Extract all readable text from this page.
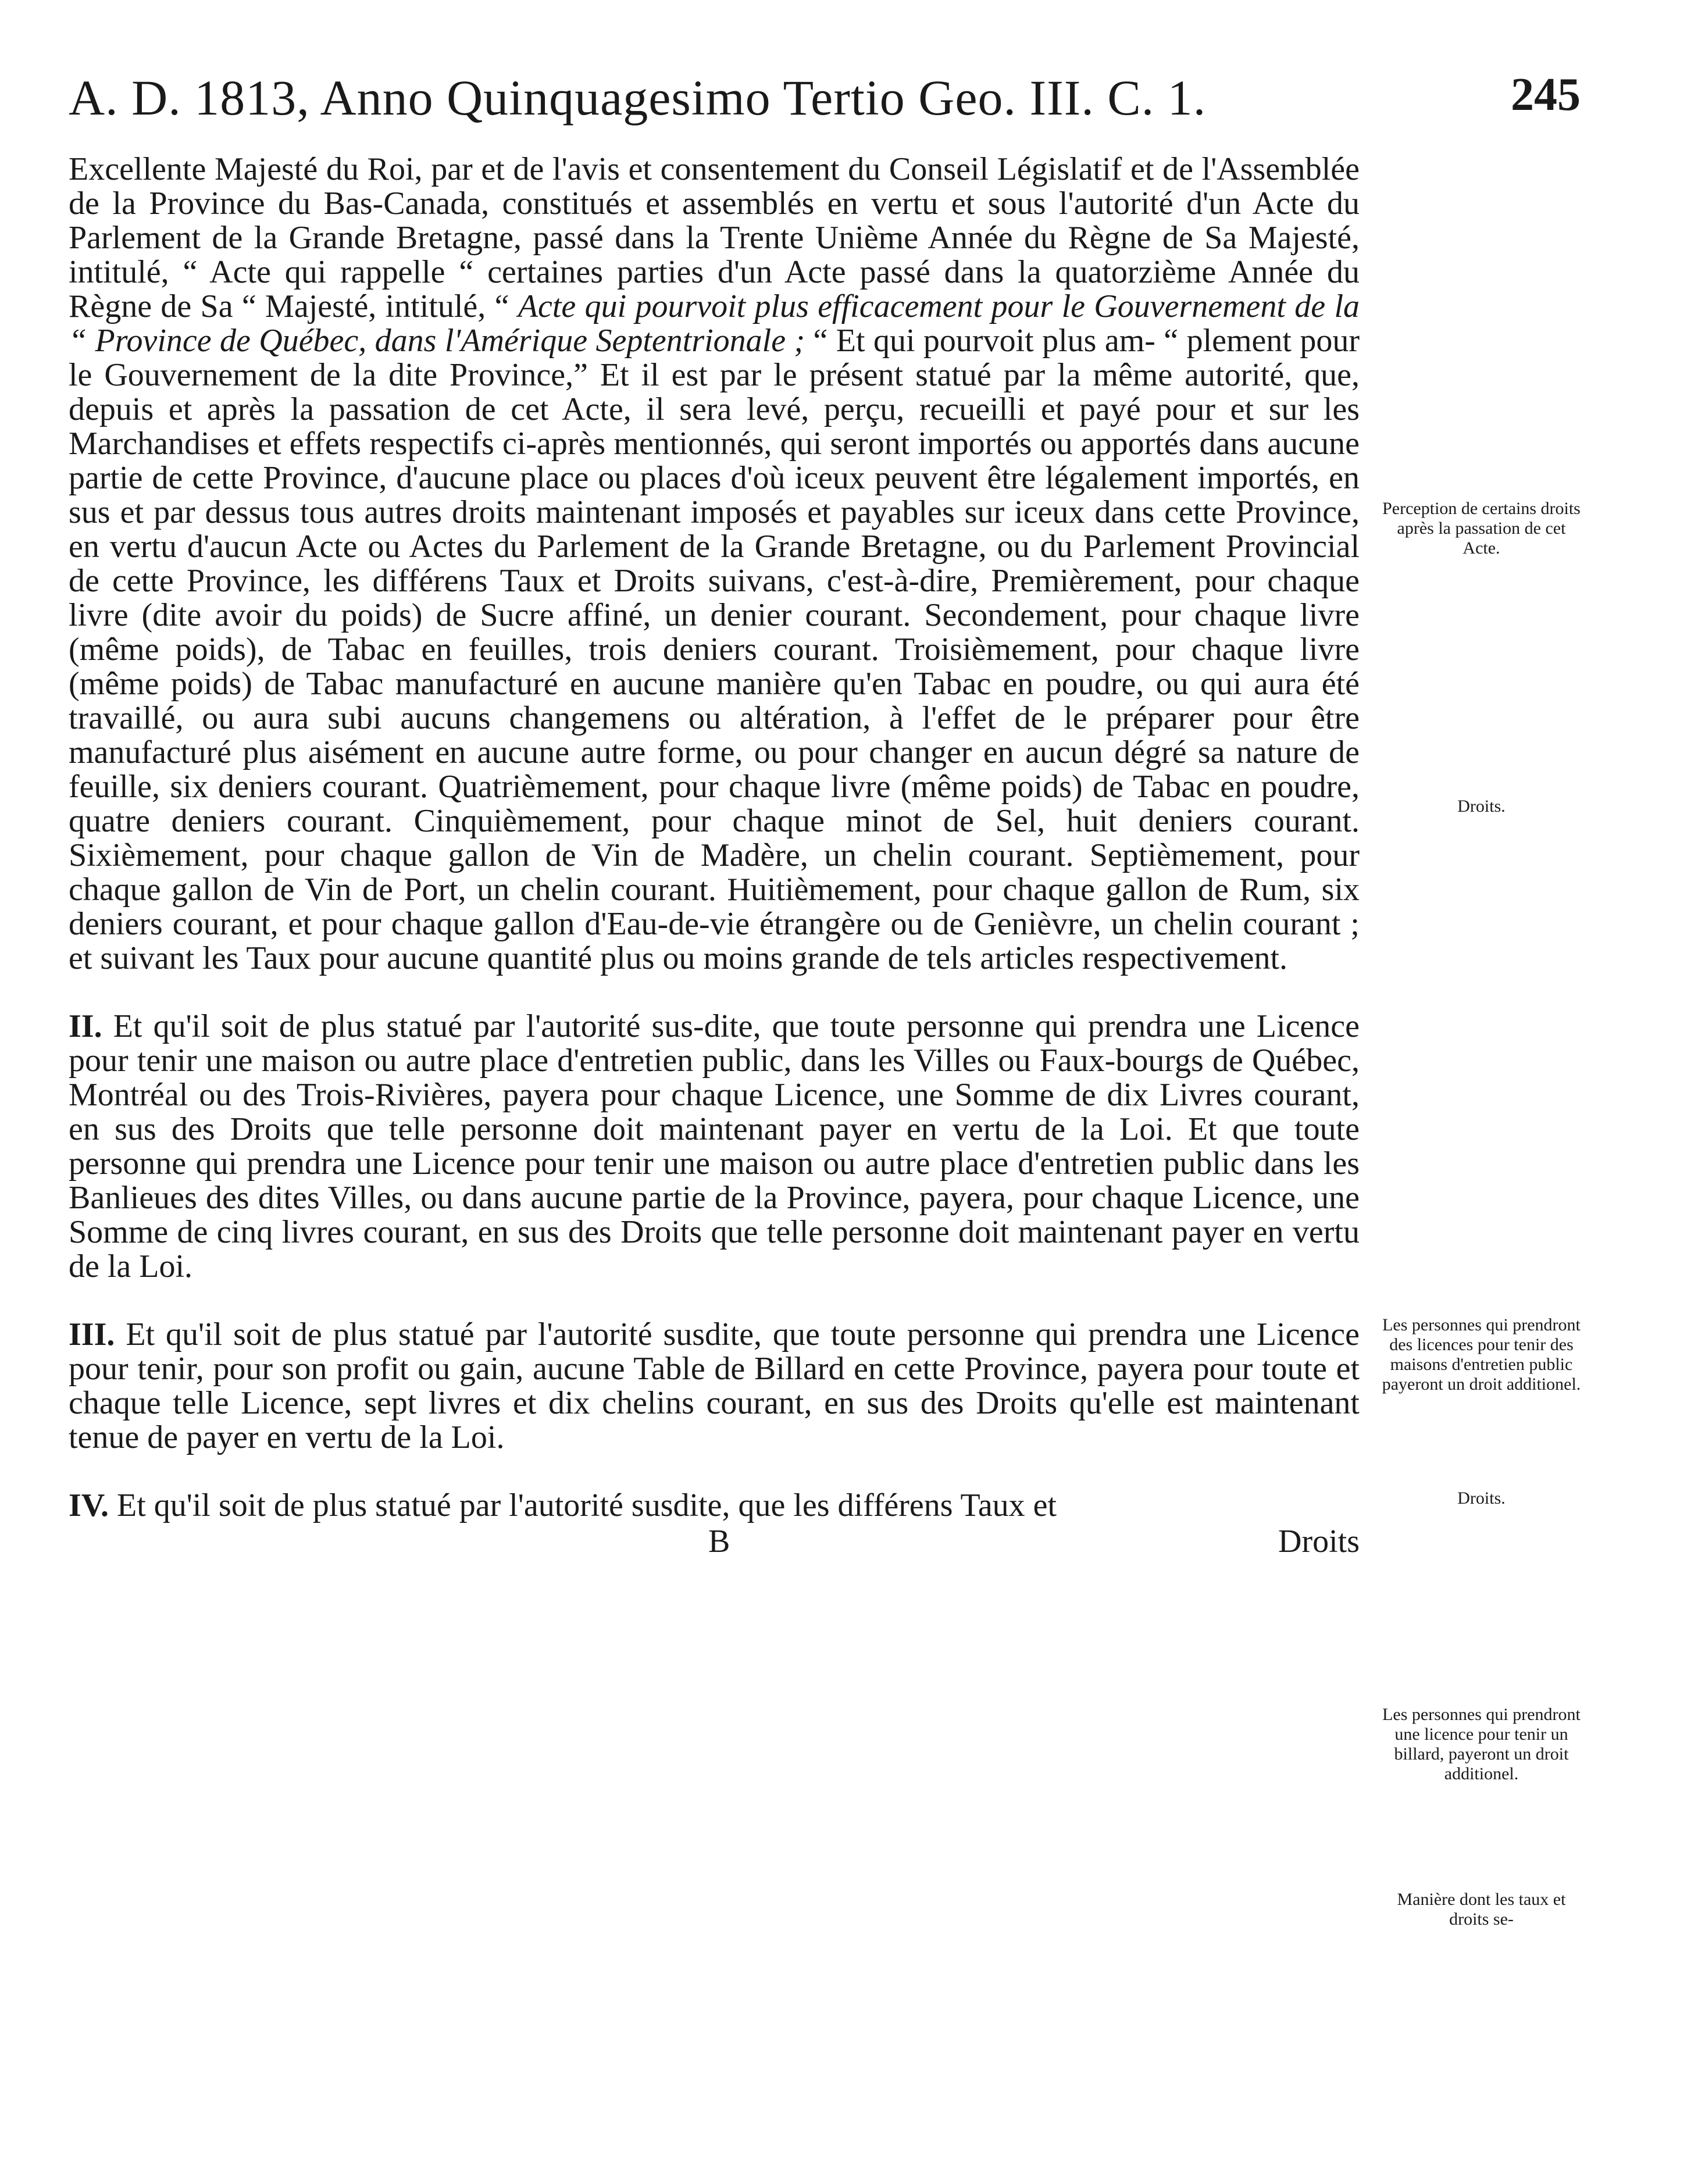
A. D. 1813, Anno Quinquagesimo Tertio Geo. III. C. 1.	245

Excellente Majesté du Roi, par et de l'avis et consentement du Conseil Législatif et de l'Assemblée de la Province du Bas-Canada, constitués et assemblés en vertu et sous l'autorité d'un Acte du Parlement de la Grande Bretagne, passé dans la Trente Unième Année du Règne de Sa Majesté, intitulé, “ Acte qui rappelle “ certaines parties d'un Acte passé dans la quatorzième Année du Règne de Sa “ Majesté, intitulé, “ Acte qui pourvoit plus efficacement pour le Gouvernement de la “ Province de Québec, dans l'Amérique Septentrionale ; “ Et qui pourvoit plus am- “ plement pour le Gouvernement de la dite Province,” Et il est par le présent statué par la même autorité, que, depuis et après la passation de cet Acte, il sera levé, perçu, recueilli et payé pour et sur les Marchandises et effets respectifs ci-après mentionnés, qui seront importés ou apportés dans aucune partie de cette Province, d'aucune place ou places d'où iceux peuvent être légalement importés, en sus et par dessus tous autres droits maintenant imposés et payables sur iceux dans cette Province, en vertu d'aucun Acte ou Actes du Parlement de la Grande Bretagne, ou du Parlement Provincial de cette Province, les différens Taux et Droits suivans, c'est-à-dire, Premièrement, pour chaque livre (dite avoir du poids) de Sucre affiné, un denier courant. Secondement, pour chaque livre (même poids), de Tabac en feuilles, trois deniers courant. Troisièmement, pour chaque livre (même poids) de Tabac manufacturé en aucune manière qu'en Tabac en poudre, ou qui aura été travaillé, ou aura subi aucuns changemens ou altération, à l'effet de le préparer pour être manufacturé plus aisément en aucune autre forme, ou pour changer en aucun dégré sa nature de feuille, six deniers courant. Quatrièmement, pour chaque livre (même poids) de Tabac en poudre, quatre deniers courant. Cinquièmement, pour chaque minot de Sel, huit deniers courant. Sixièmement, pour chaque gallon de Vin de Madère, un chelin courant. Septièmement, pour chaque gallon de Vin de Port, un chelin courant. Huitièmement, pour chaque gallon de Rum, six deniers courant, et pour chaque gallon d'Eau-de-vie étrangère ou de Genièvre, un chelin courant ; et suivant les Taux pour aucune quantité plus ou moins grande de tels articles respectivement.

II. Et qu'il soit de plus statué par l'autorité sus-dite, que toute personne qui prendra une Licence pour tenir une maison ou autre place d'entretien public, dans les Villes ou Faux-bourgs de Québec, Montréal ou des Trois-Rivières, payera pour chaque Licence, une Somme de dix Livres courant, en sus des Droits que telle personne doit maintenant payer en vertu de la Loi. Et que toute personne qui prendra une Licence pour tenir une maison ou autre place d'entretien public dans les Banlieues des dites Villes, ou dans aucune partie de la Province, payera, pour chaque Licence, une Somme de cinq livres courant, en sus des Droits que telle personne doit maintenant payer en vertu de la Loi.

III. Et qu'il soit de plus statué par l'autorité susdite, que toute personne qui prendra une Licence pour tenir, pour son profit ou gain, aucune Table de Billard en cette Province, payera pour toute et chaque telle Licence, sept livres et dix chelins courant, en sus des Droits qu'elle est maintenant tenue de payer en vertu de la Loi.

IV. Et qu'il soit de plus statué par l'autorité susdite, que les différens Taux et

B	Droits
Perception de certains droits après la passation de cet Acte.
Droits.
Les personnes qui prendront des licences pour tenir des maisons d'entretien public payeront un droit additionel.
Droits.
Les personnes qui prendront une licence pour tenir un billard, payeront un droit additionel.
Manière dont les taux et droits se-
